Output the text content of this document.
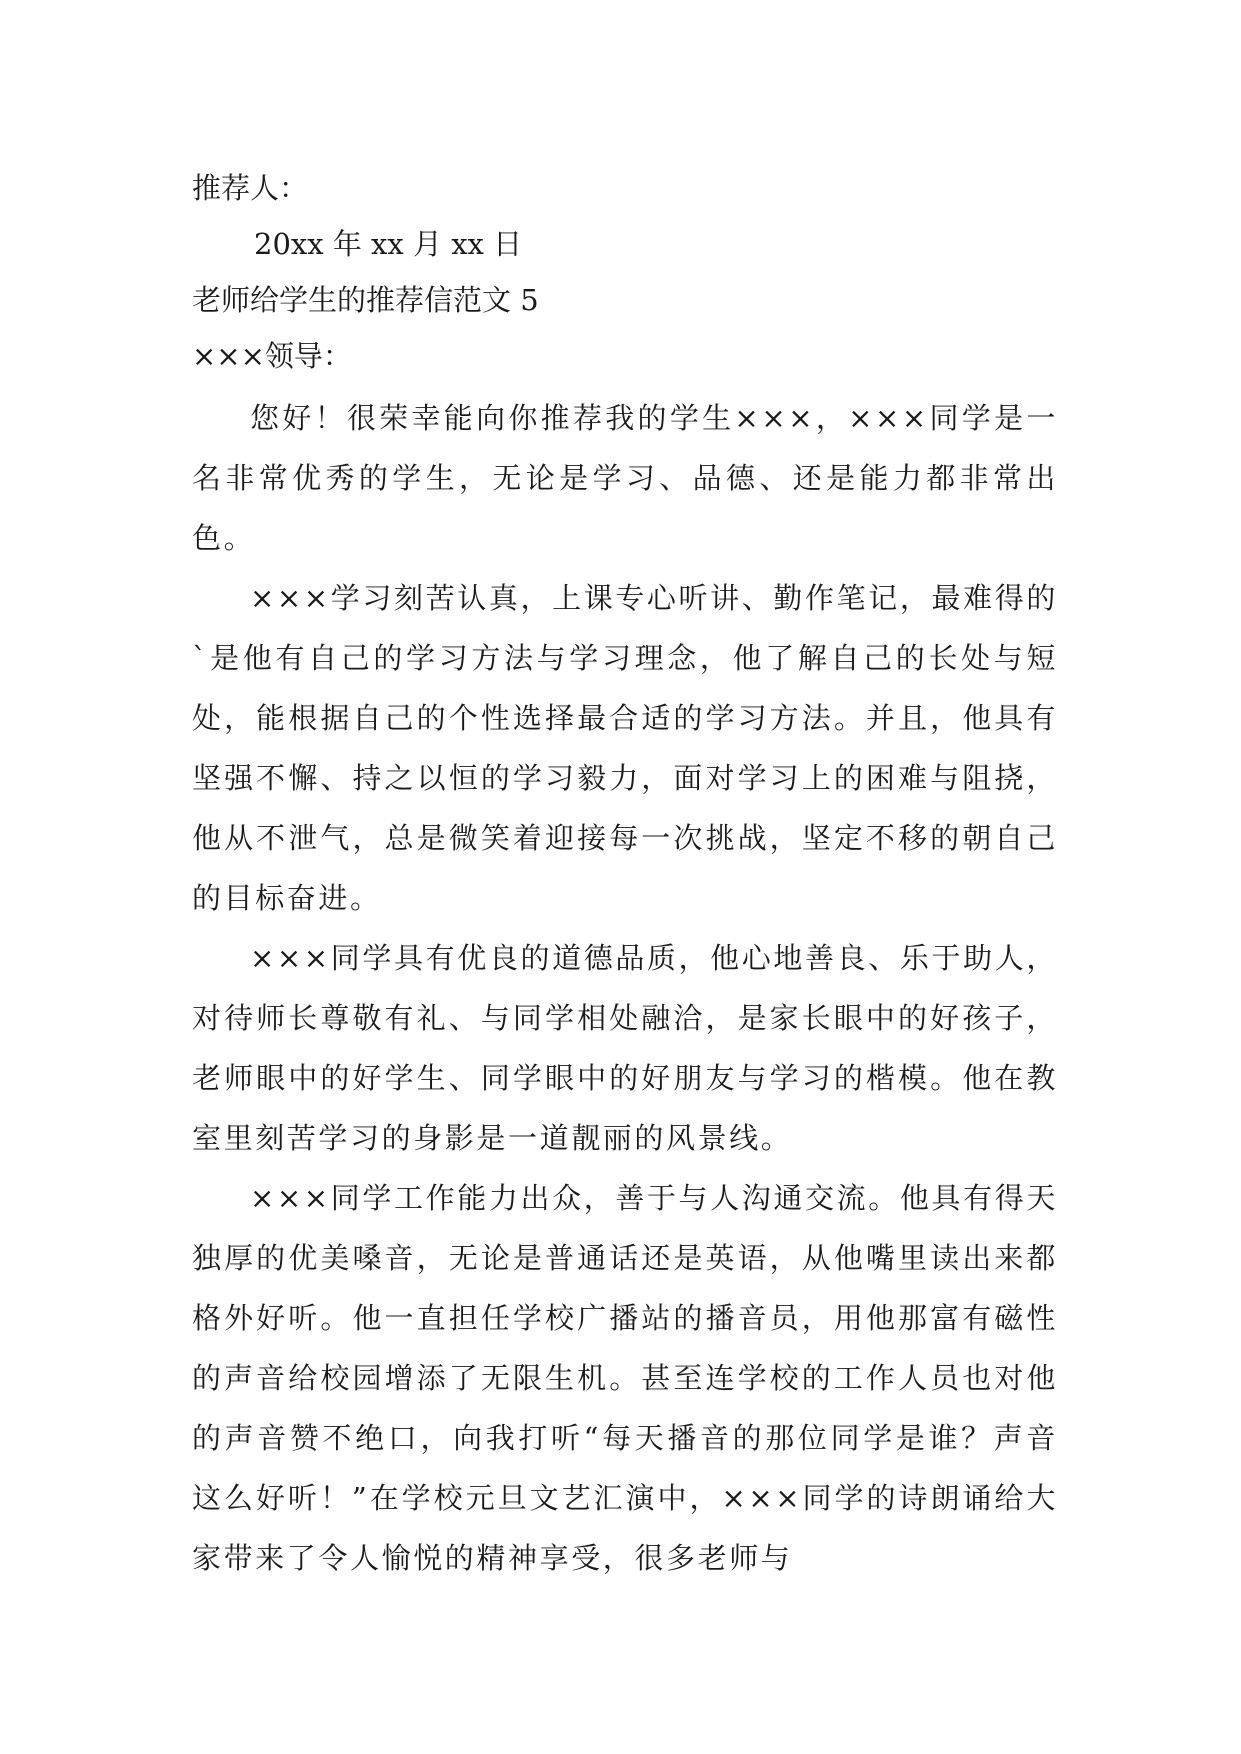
推荐人：

20xx 年 xx 月 xx 日

老师给学生的推荐信范文 5

×××领导：

您好！很荣幸能向你推荐我的学生×××，×××同学是一名非常优秀的学生，无论是学习、品德、还是能力都非常出色。

×××学习刻苦认真，上课专心听讲、勤作笔记，最难得的`是他有自己的学习方法与学习理念，他了解自己的长处与短处，能根据自己的个性选择最合适的学习方法。并且，他具有坚强不懈、持之以恒的学习毅力，面对学习上的困难与阻挠，他从不泄气，总是微笑着迎接每一次挑战，坚定不移的朝自己的目标奋进。

×××同学具有优良的道德品质，他心地善良、乐于助人，对待师长尊敬有礼、与同学相处融洽，是家长眼中的好孩子，老师眼中的好学生、同学眼中的好朋友与学习的楷模。他在教室里刻苦学习的身影是一道靓丽的风景线。

×××同学工作能力出众，善于与人沟通交流。他具有得天独厚的优美嗓音，无论是普通话还是英语，从他嘴里读出来都格外好听。他一直担任学校广播站的播音员，用他那富有磁性的声音给校园增添了无限生机。甚至连学校的工作人员也对他的声音赞不绝口，向我打听“每天播音的那位同学是谁？声音这么好听！”在学校元旦文艺汇演中，×××同学的诗朗诵给大家带来了令人愉悦的精神享受，很多老师与
